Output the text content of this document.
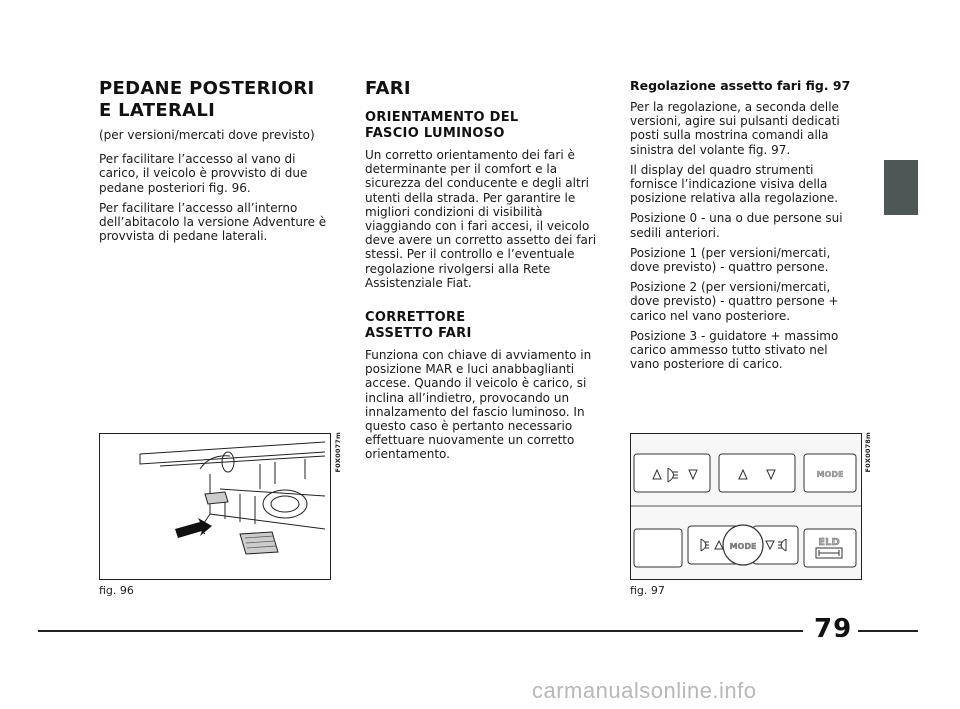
PEDANE POSTERIORI
E LATERALI

(per versioni/mercati dove previsto)

Per facilitare l’accesso al vano di carico, il veicolo è provvisto di due pedane posteriori fig. 96.

Per facilitare l’accesso all’interno dell’abitacolo la versione Adventure è provvista di pedane laterali.

FARI
ORIENTAMENTO DEL
FASCIO LUMINOSO

Un corretto orientamento dei fari è determinante per il comfort e la sicurezza del conducente e degli altri utenti della strada. Per garantire le migliori condizioni di visibilità viaggiando con i fari accesi, il veicolo deve avere un corretto assetto dei fari stessi. Per il controllo e l’eventuale regolazione rivolgersi alla Rete Assistenziale Fiat.

CORRETTORE
ASSETTO FARI

Funziona con chiave di avviamento in posizione MAR e luci anabbaglianti accese. Quando il veicolo è carico, si inclina all’indietro, provocando un innalzamento del fascio luminoso. In questo caso è pertanto necessario effettuare nuovamente un corretto orientamento.

Regolazione assetto fari fig. 97

Per la regolazione, a seconda delle versioni, agire sui pulsanti dedicati posti sulla mostrina comandi alla sinistra del volante fig. 97.

Il display del quadro strumenti fornisce l’indicazione visiva della posizione relativa alla regolazione.

Posizione 0 - una o due persone sui sedili anteriori.

Posizione 1 (per versioni/mercati, dove previsto) - quattro persone.

Posizione 2 (per versioni/mercati, dove previsto) - quattro persone + carico nel vano posteriore.

Posizione 3 - guidatore + massimo carico ammesso tutto stivato nel vano posteriore di carico.

F0X0077m
fig. 96
MODE
MODE
ELD
F0X0078m
fig. 97
79
carmanualsonline.info
